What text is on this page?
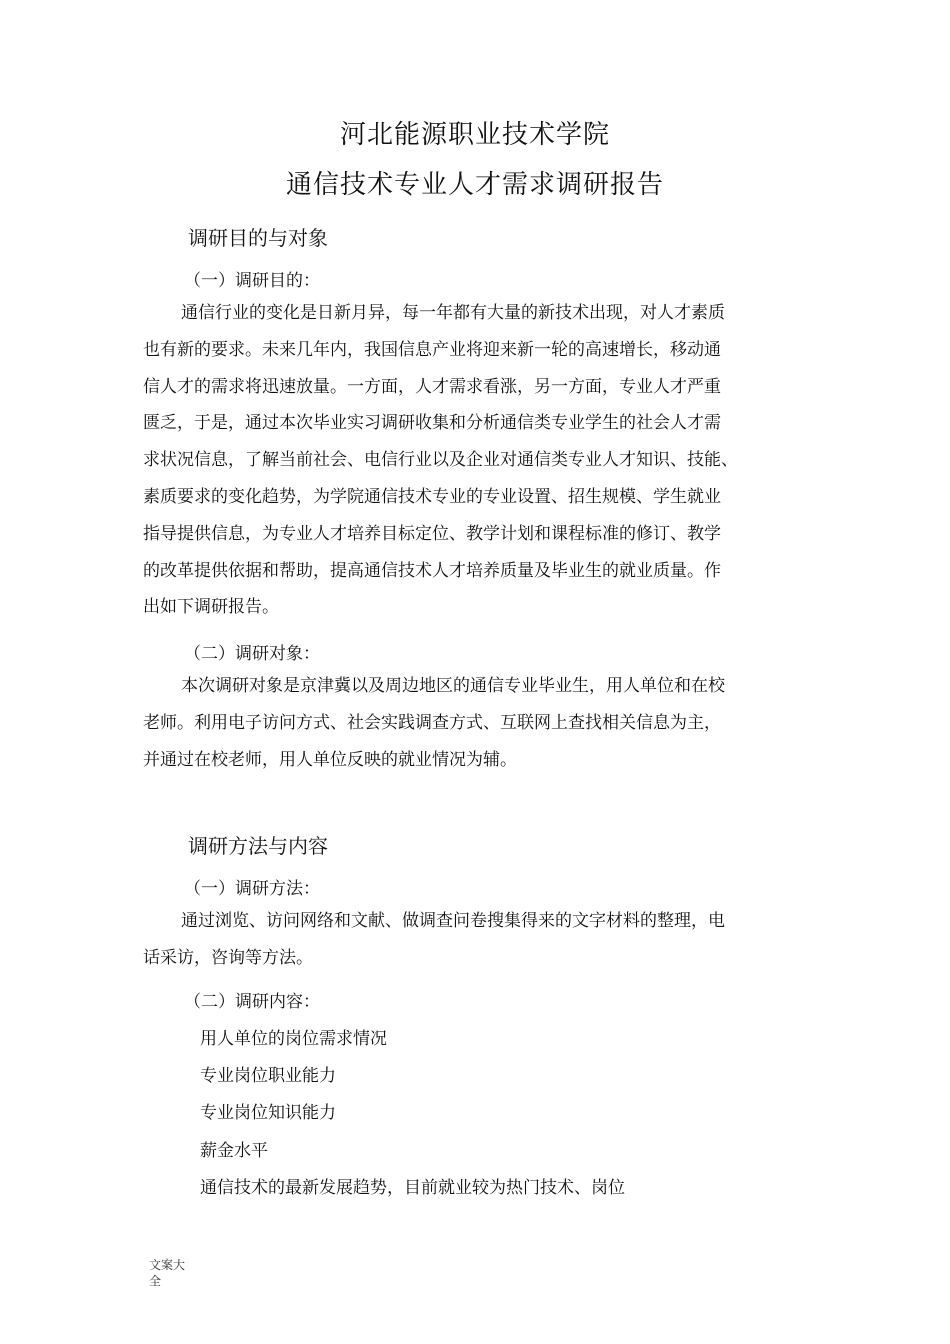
河北能源职业技术学院
通信技术专业人才需求调研报告
调研目的与对象
（一）调研目的：
通信行业的变化是日新月异，每一年都有大量的新技术出现，对人才素质
也有新的要求。未来几年内，我国信息产业将迎来新一轮的高速增长，移动通
信人才的需求将迅速放量。一方面，人才需求看涨，另一方面，专业人才严重
匮乏，于是，通过本次毕业实习调研收集和分析通信类专业学生的社会人才需
求状况信息，了解当前社会、电信行业以及企业对通信类专业人才知识、技能、
素质要求的变化趋势，为学院通信技术专业的专业设置、招生规模、学生就业
指导提供信息，为专业人才培养目标定位、教学计划和课程标准的修订、教学
的改革提供依据和帮助，提高通信技术人才培养质量及毕业生的就业质量。作
出如下调研报告。
（二）调研对象：
本次调研对象是京津冀以及周边地区的通信专业毕业生，用人单位和在校
老师。利用电子访问方式、社会实践调查方式、互联网上查找相关信息为主，
并通过在校老师，用人单位反映的就业情况为辅。
调研方法与内容
（一）调研方法：
通过浏览、访问网络和文献、做调查问卷搜集得来的文字材料的整理，电
话采访，咨询等方法。
（二）调研内容：
用人单位的岗位需求情况
专业岗位职业能力
专业岗位知识能力
薪金水平
通信技术的最新发展趋势，目前就业较为热门技术、岗位
文案大全
